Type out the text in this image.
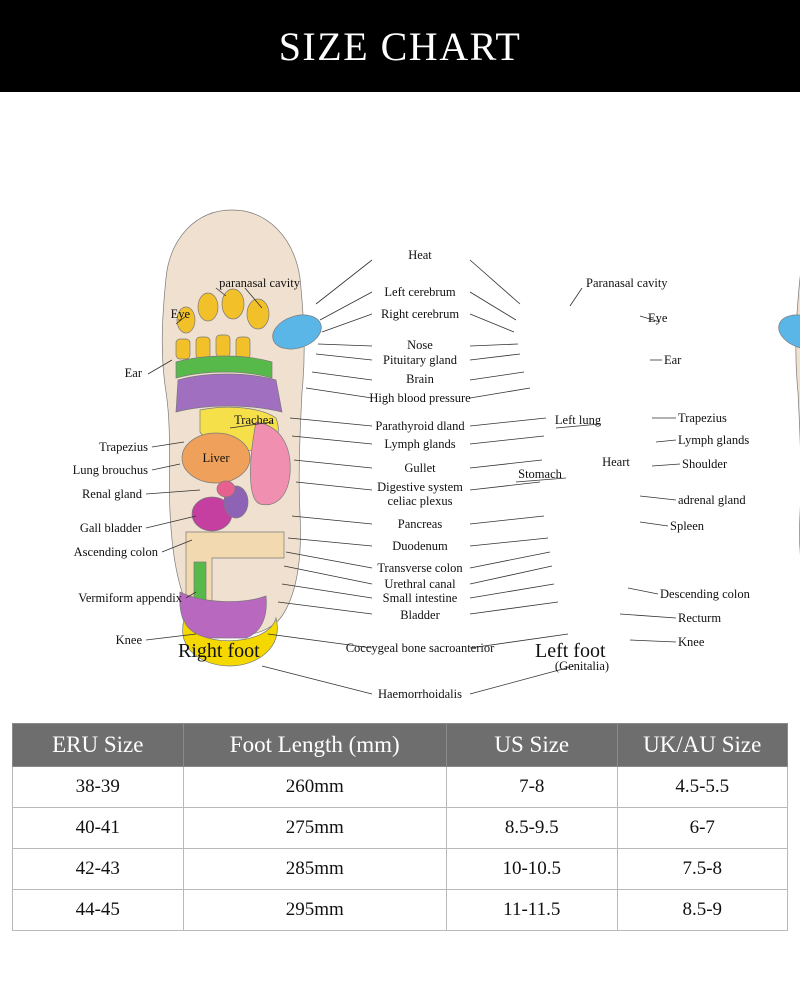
SIZE CHART
paranasal cavity
Eye
Ear
Trapezius
Lung brouchus
Renal gland
Gall bladder
Ascending colon
Vermiform appendix
Knee
Heat
Left cerebrum
Right cerebrum
Nose
Pituitary gland
Brain
High blood pressure
Parathyroid dland
Lymph glands
Gullet
Digestive system
celiac plexus
Pancreas
Duodenum
Transverse colon
Urethral canal
Small intestine
Bladder
Coccygeal bone sacroanterior
Haemorrhoidalis
Paranasal cavity
Eye
Ear
Trapezius
Lymph glands
Shoulder
adrenal gland
Spleen
Descending colon
Recturm
Knee
Trachea
Liver
Left lung
Stomach
Heart
(Genitalia)
Right foot	Left foot
ERU Size	Foot Length (mm)	US Size	UK/AU Size
38-39	260mm	7-8	4.5-5.5
40-41	275mm	8.5-9.5	6-7
42-43	285mm	10-10.5	7.5-8
44-45	295mm	11-11.5	8.5-9
